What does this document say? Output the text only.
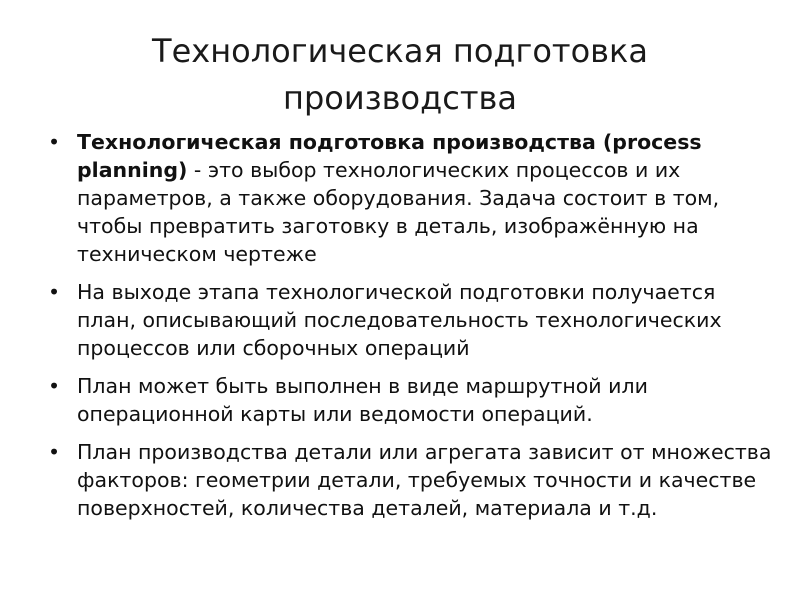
Технологическая подготовка производства
• Технологическая подготовка производства (process planning) - это выбор технологических процессов и их параметров, а также оборудования. Задача состоит в том, чтобы превратить заготовку в деталь, изображённую на техническом чертеже
• На выходе этапа технологической подготовки получается план, описывающий последовательность технологических процессов или сборочных операций
• План может быть выполнен в виде маршрутной или операционной карты или ведомости операций.
• План производства детали или агрегата зависит от множества факторов: геометрии детали, требуемых точности и качестве поверхностей, количества деталей, материала и т.д.
